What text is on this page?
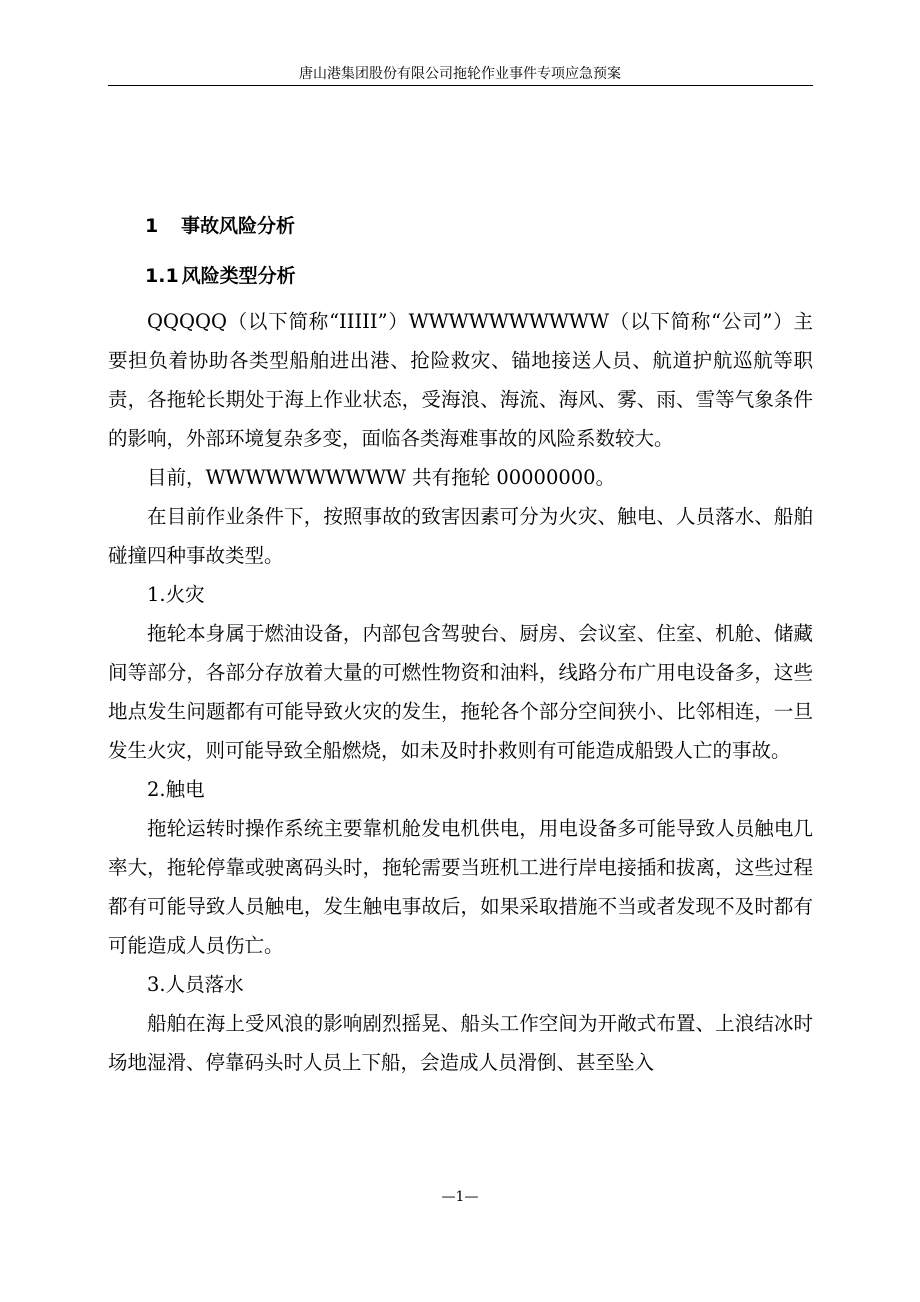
唐山港集团股份有限公司拖轮作业事件专项应急预案
1 事故风险分析
1.1 风险类型分析

QQQQQ（以下简称“IIIII”）WWWWWWWWWW（以下简称“公司”）主要担负着协助各类型船舶进出港、抢险救灾、锚地接送人员、航道护航巡航等职责，各拖轮长期处于海上作业状态，受海浪、海流、海风、雾、雨、雪等气象条件的影响，外部环境复杂多变，面临各类海难事故的风险系数较大。

目前，WWWWWWWWWW 共有拖轮 00000000。

在目前作业条件下，按照事故的致害因素可分为火灾、触电、人员落水、船舶碰撞四种事故类型。

1.火灾

拖轮本身属于燃油设备，内部包含驾驶台、厨房、会议室、住室、机舱、储藏间等部分，各部分存放着大量的可燃性物资和油料，线路分布广用电设备多，这些地点发生问题都有可能导致火灾的发生，拖轮各个部分空间狭小、比邻相连，一旦发生火灾，则可能导致全船燃烧，如未及时扑救则有可能造成船毁人亡的事故。

2.触电

拖轮运转时操作系统主要靠机舱发电机供电，用电设备多可能导致人员触电几率大，拖轮停靠或驶离码头时，拖轮需要当班机工进行岸电接插和拔离，这些过程都有可能导致人员触电，发生触电事故后，如果采取措施不当或者发现不及时都有可能造成人员伤亡。

3.人员落水

船舶在海上受风浪的影响剧烈摇晃、船头工作空间为开敞式布置、上浪结冰时场地湿滑、停靠码头时人员上下船，会造成人员滑倒、甚至坠入

—1—
